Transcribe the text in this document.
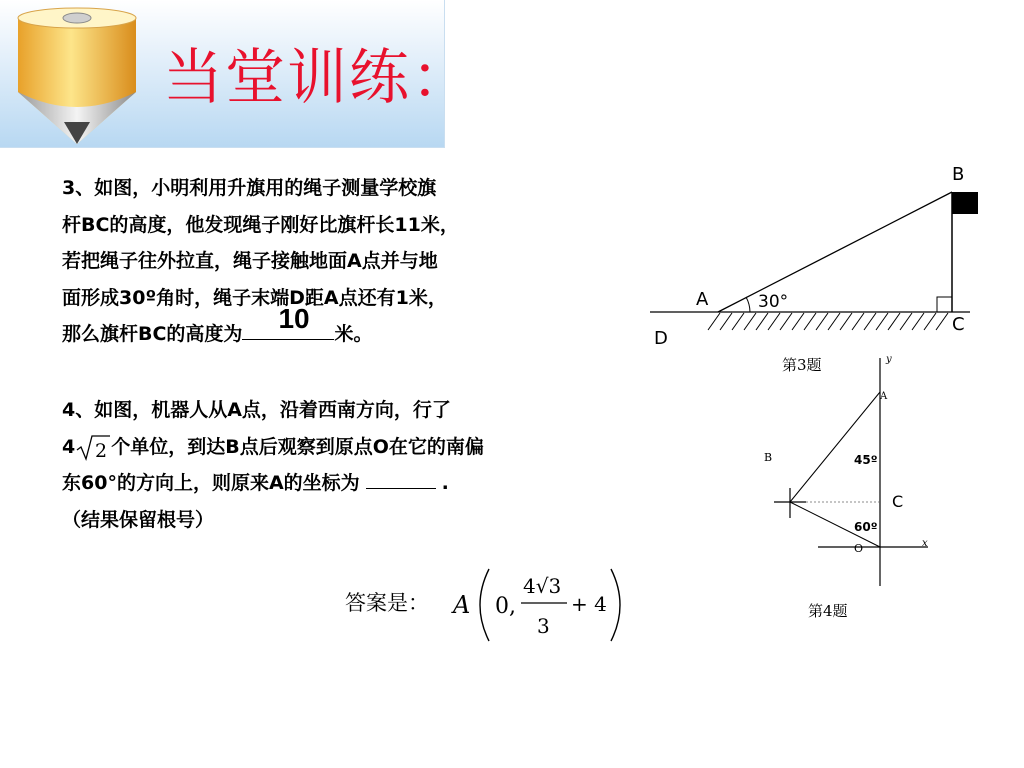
当堂训练：
3、如图，小明利用升旗用的绳子测量学校旗
杆BC的高度，他发现绳子刚好比旗杆长11米，
若把绳子往外拉直，绳子接触地面A点并与地
面形成30º角时，绳子末端D距A点还有1米，
那么旗杆BC的高度为 10 米。
4、如图，机器人从A点，沿着西南方向，行了
4 2 个单位，到达B点后观察到原点O在它的南偏
东60°的方向上，则原来A的坐标为	.
（结果保留根号）
答案是： A 0,
4√3
3
+ 4
30°
A
B
C
D
第3题	y
x
A
B
C
O
45º
60º
第4题
